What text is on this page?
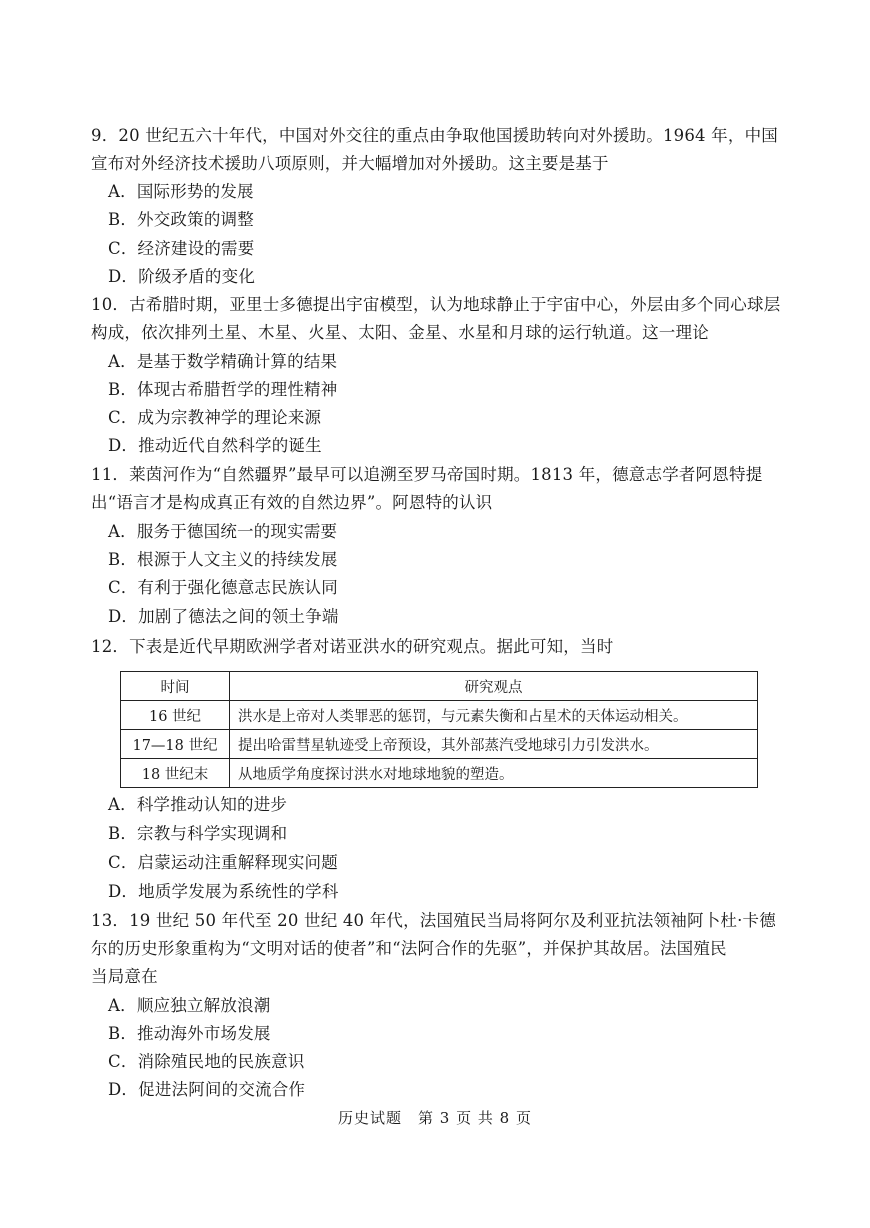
9．20 世纪五六十年代，中国对外交往的重点由争取他国援助转向对外援助。1964 年，中国
宣布对外经济技术援助八项原则，并大幅增加对外援助。这主要是基于
A．国际形势的发展
B．外交政策的调整
C．经济建设的需要
D．阶级矛盾的变化
10．古希腊时期，亚里士多德提出宇宙模型，认为地球静止于宇宙中心，外层由多个同心球层
构成，依次排列土星、木星、火星、太阳、金星、水星和月球的运行轨道。这一理论
A．是基于数学精确计算的结果
B．体现古希腊哲学的理性精神
C．成为宗教神学的理论来源
D．推动近代自然科学的诞生
11．莱茵河作为“自然疆界”最早可以追溯至罗马帝国时期。1813 年，德意志学者阿恩特提
出“语言才是构成真正有效的自然边界”。阿恩特的认识
A．服务于德国统一的现实需要
B．根源于人文主义的持续发展
C．有利于强化德意志民族认同
D．加剧了德法之间的领土争端
12．下表是近代早期欧洲学者对诺亚洪水的研究观点。据此可知，当时
时间	研究观点
16 世纪	洪水是上帝对人类罪恶的惩罚，与元素失衡和占星术的天体运动相关。
17—18 世纪	提出哈雷彗星轨迹受上帝预设，其外部蒸汽受地球引力引发洪水。
18 世纪末	从地质学角度探讨洪水对地球地貌的塑造。
A．科学推动认知的进步
B．宗教与科学实现调和
C．启蒙运动注重解释现实问题
D．地质学发展为系统性的学科
13．19 世纪 50 年代至 20 世纪 40 年代，法国殖民当局将阿尔及利亚抗法领袖阿卜杜·卡德
尔的历史形象重构为“文明对话的使者”和“法阿合作的先驱”，并保护其故居。法国殖民
当局意在
A．顺应独立解放浪潮
B．推动海外市场发展
C．消除殖民地的民族意识
D．促进法阿间的交流合作
历史试题　第 3 页 共 8 页
